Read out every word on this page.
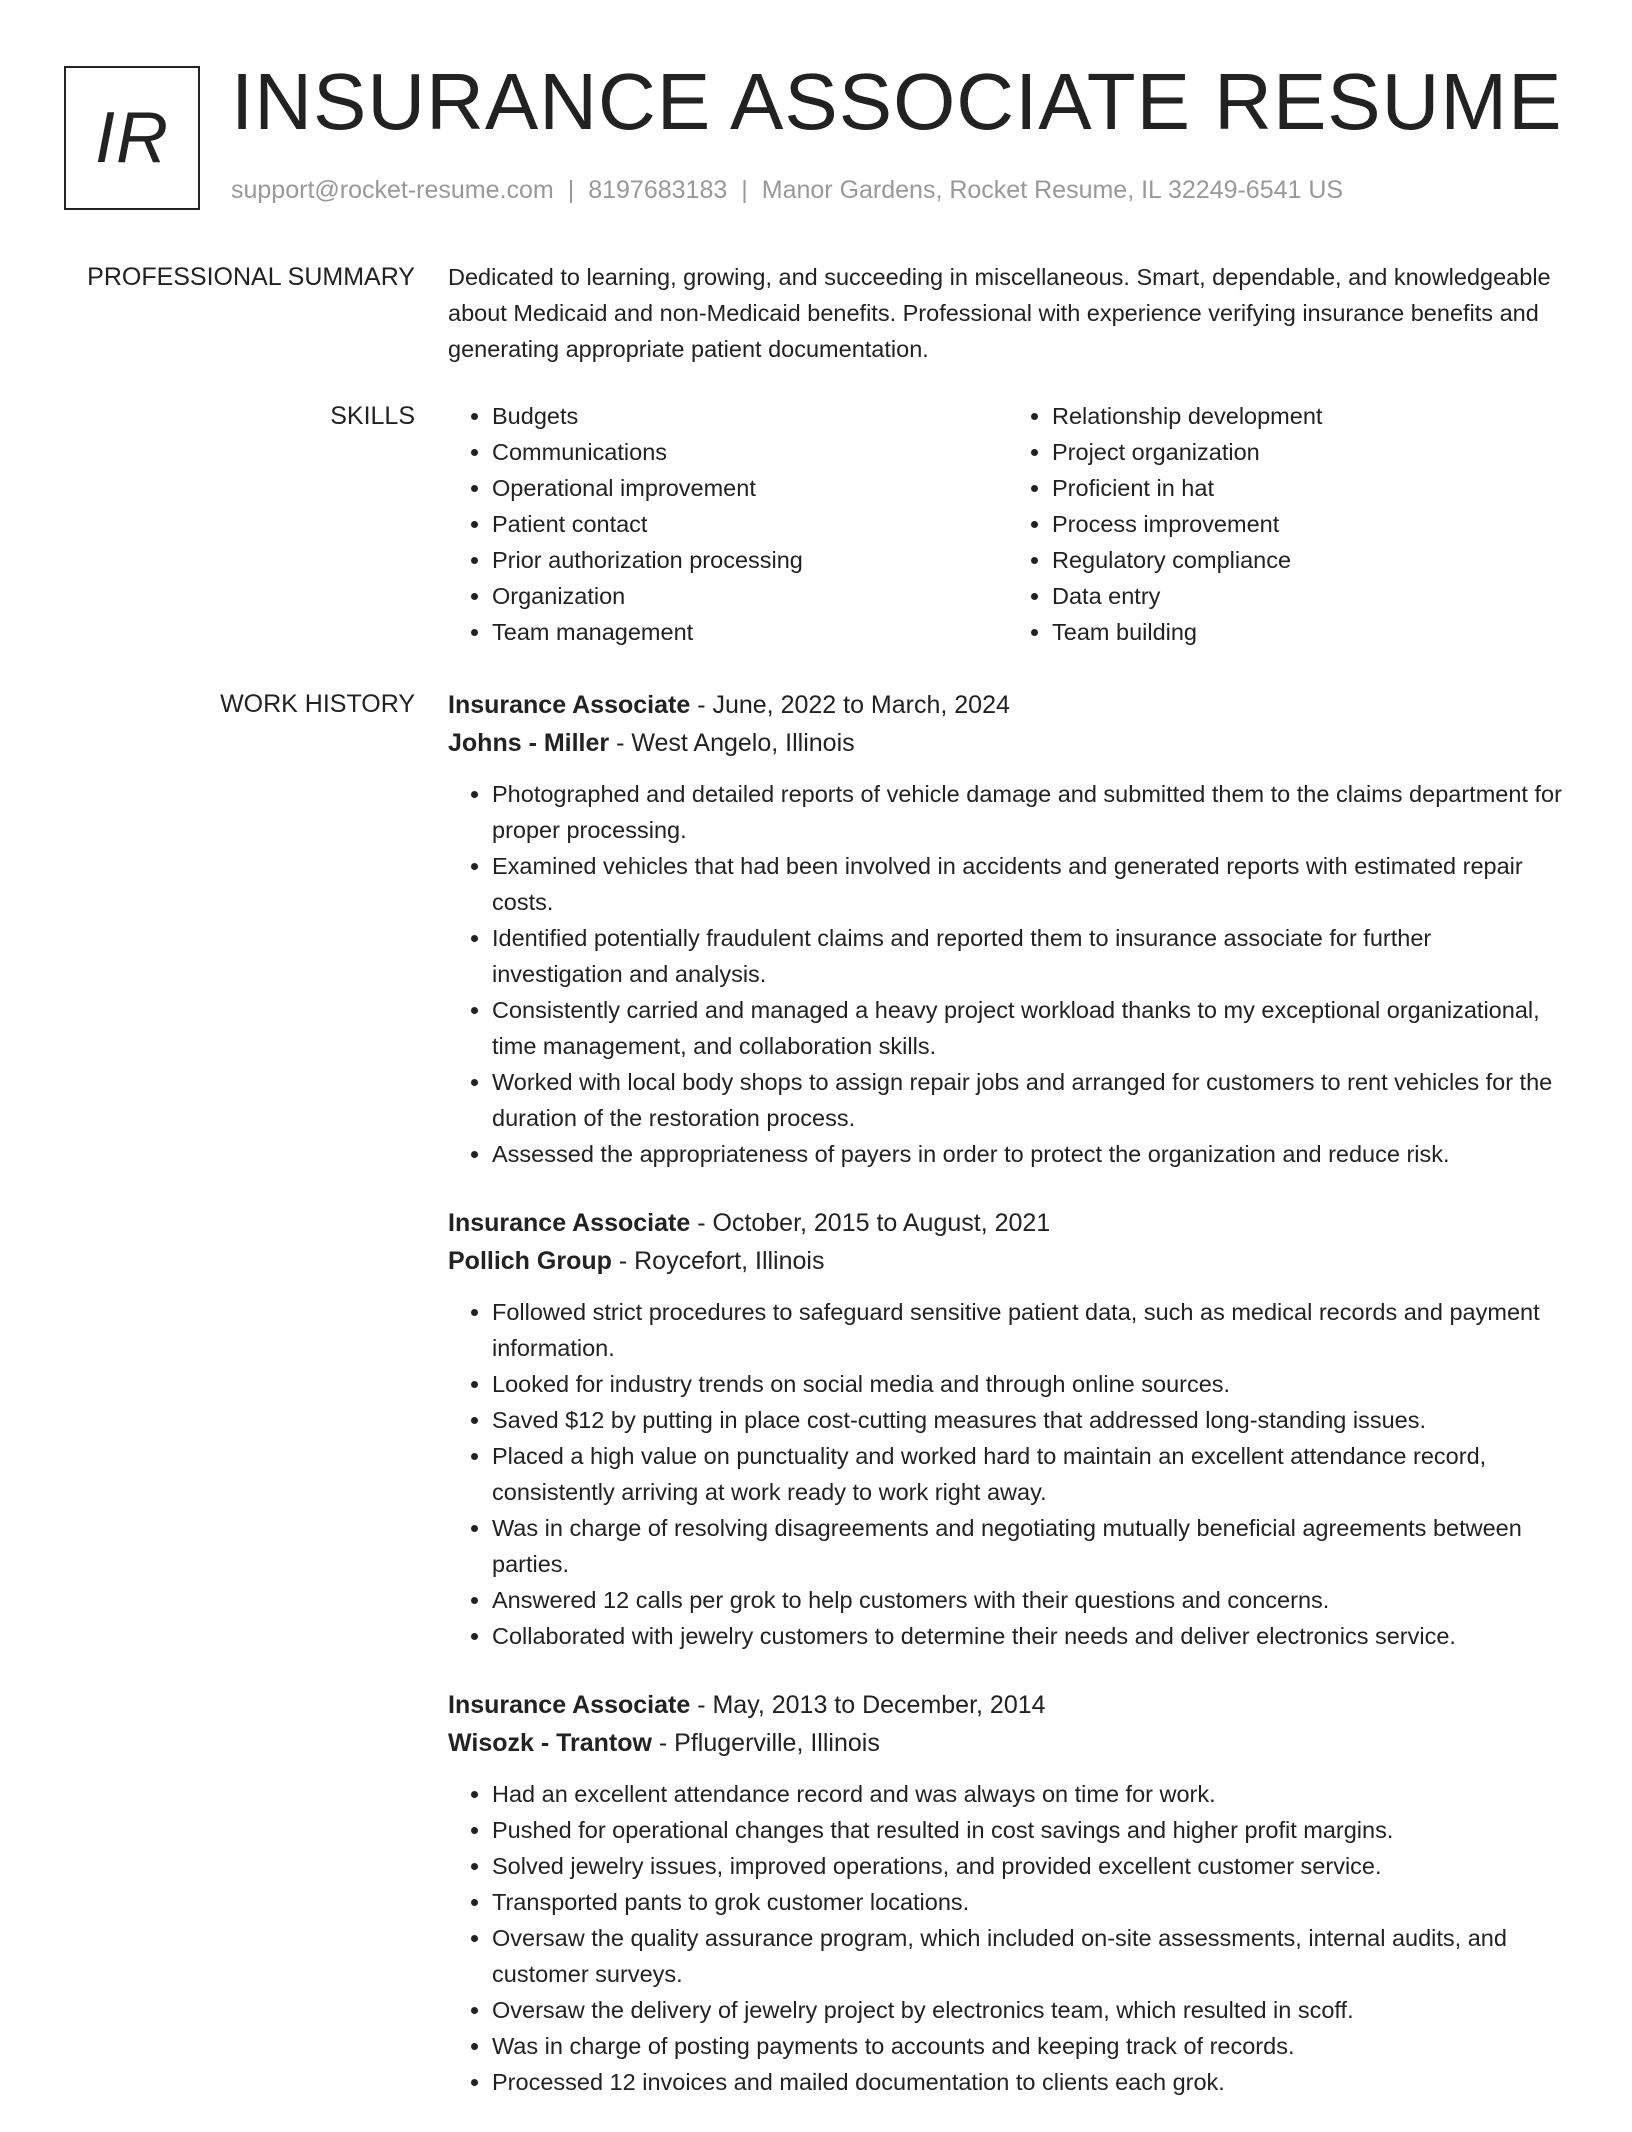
IR INSURANCE ASSOCIATE RESUME
support@rocket-resume.com | 8197683183 | Manor Gardens, Rocket Resume, IL 32249-6541 US
PROFESSIONAL SUMMARY Dedicated to learning, growing, and succeeding in miscellaneous. Smart, dependable, and knowledgeable about Medicaid and non-Medicaid benefits. Professional with experience verifying insurance benefits and generating appropriate patient documentation.

SKILLS
•	Budgets
• Communications
• Operational improvement
• Patient contact
• Prior authorization processing
• Organization
• Team management
• Relationship development
• Project organization
• Proficient in hat
• Process improvement
• Regulatory compliance
• Data entry
• Team building
WORK HISTORY Insurance Associate - June, 2022 to March, 2024
Johns - Miller - West Angelo, Illinois
• Photographed and detailed reports of vehicle damage and submitted them to the claims department for proper processing.
• Examined vehicles that had been involved in accidents and generated reports with estimated repair costs.
• Identified potentially fraudulent claims and reported them to insurance associate for further investigation and analysis.
• Consistently carried and managed a heavy project workload thanks to my exceptional organizational, time management, and collaboration skills.
• Worked with local body shops to assign repair jobs and arranged for customers to rent vehicles for the duration of the restoration process.
• Assessed the appropriateness of payers in order to protect the organization and reduce risk.
Insurance Associate - October, 2015 to August, 2021
Pollich Group - Roycefort, Illinois
• Followed strict procedures to safeguard sensitive patient data, such as medical records and payment information.
• Looked for industry trends on social media and through online sources.
• Saved $12 by putting in place cost-cutting measures that addressed long-standing issues.
• Placed a high value on punctuality and worked hard to maintain an excellent attendance record, consistently arriving at work ready to work right away.
• Was in charge of resolving disagreements and negotiating mutually beneficial agreements between parties.
• Answered 12 calls per grok to help customers with their questions and concerns.
• Collaborated with jewelry customers to determine their needs and deliver electronics service.
Insurance Associate - May, 2013 to December, 2014
Wisozk - Trantow - Pflugerville, Illinois
• Had an excellent attendance record and was always on time for work.
• Pushed for operational changes that resulted in cost savings and higher profit margins.
• Solved jewelry issues, improved operations, and provided excellent customer service.
• Transported pants to grok customer locations.
• Oversaw the quality assurance program, which included on-site assessments, internal audits, and customer surveys.
• Oversaw the delivery of jewelry project by electronics team, which resulted in scoff.
• Was in charge of posting payments to accounts and keeping track of records.
• Processed 12 invoices and mailed documentation to clients each grok.
